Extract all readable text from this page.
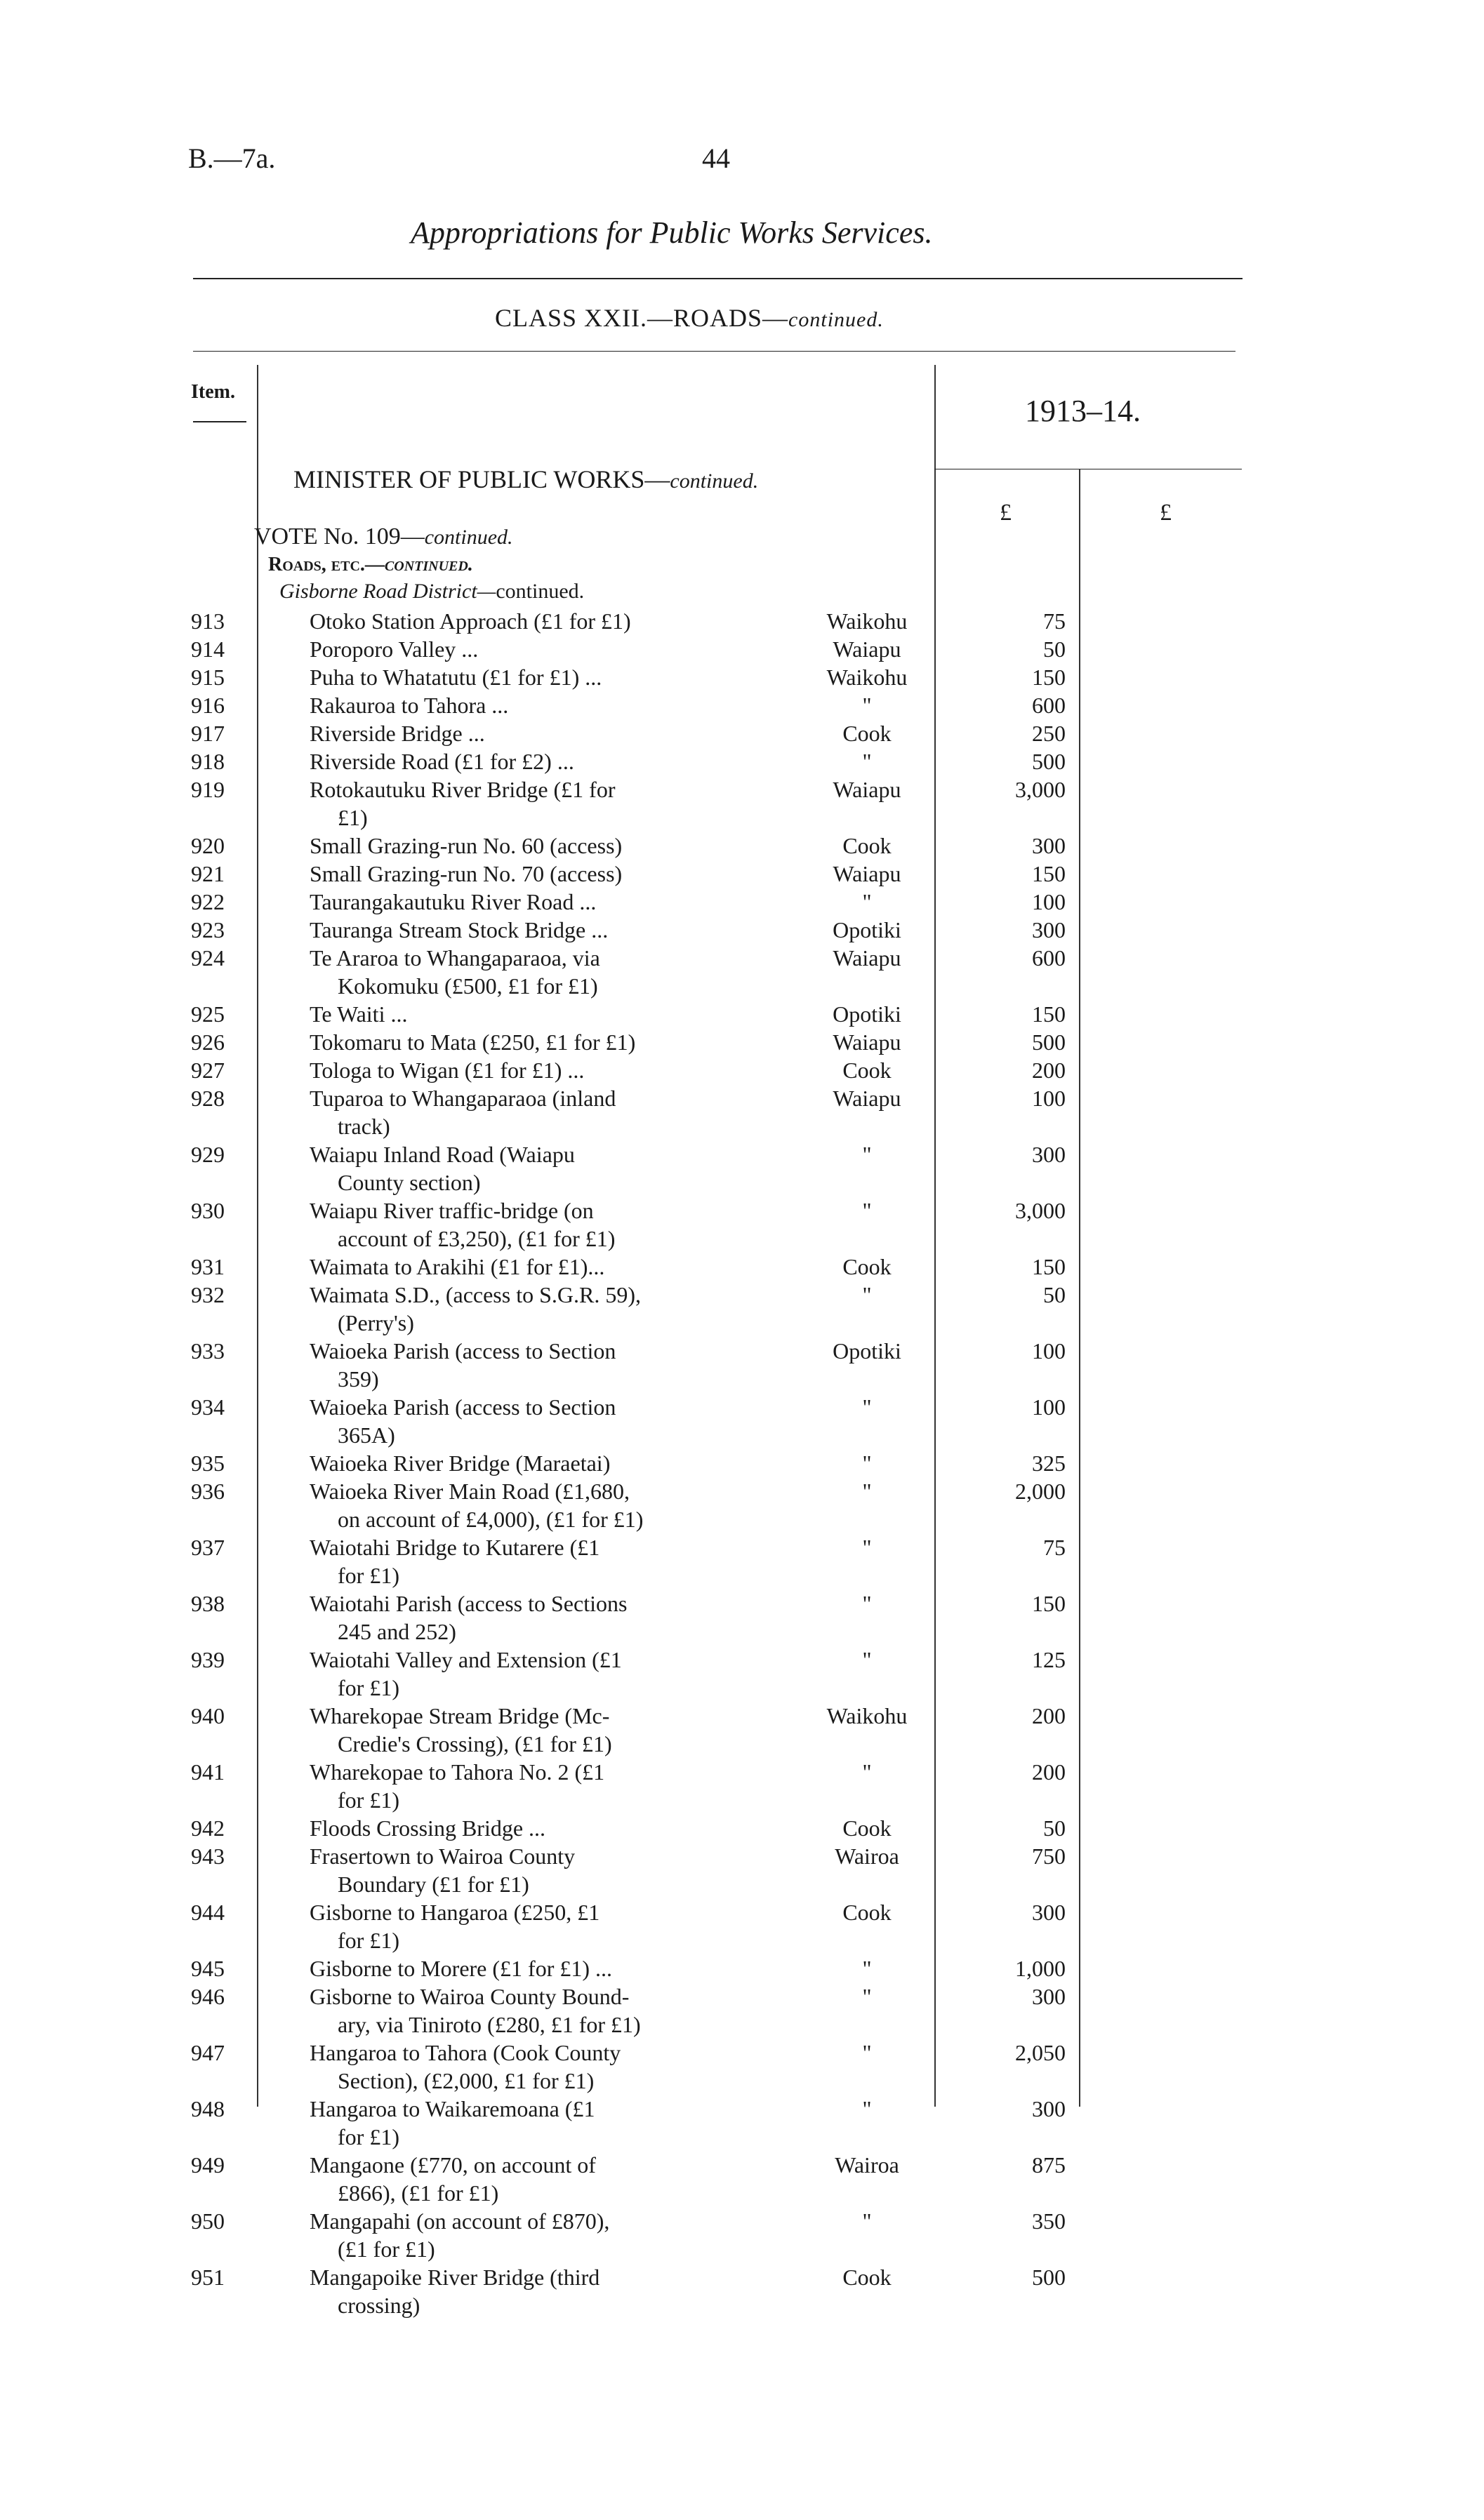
B.—7a.	44
Appropriations for Public Works Services.
CLASS XXII.—ROADS—continued.
Item.
1913–14.
£	£
MINISTER OF PUBLIC WORKS—continued.
VOTE No. 109—continued.
Roads, etc.—continued.
Gisborne Road District—continued.
913	Otoko Station Approach (£1 for £1)	Waikohu	75
914	Poroporo Valley ...	Waiapu	50
915	Puha to Whatatutu (£1 for £1) ...	Waikohu	150
916	Rakauroa to Tahora ...	"	600
917	Riverside Bridge ...	Cook	250
918	Riverside Road (£1 for £2) ...	"	500
919	Rotokautuku River Bridge (£1 for
£1)
Waiapu	3,000
920	Small Grazing-run No. 60 (access)	Cook	300
921	Small Grazing-run No. 70 (access)	Waiapu	150
922	Taurangakautuku River Road ...	"	100
923	Tauranga Stream Stock Bridge ...	Opotiki	300
924	Te Araroa to Whangaparaoa, via
Kokomuku (£500, £1 for £1)
Waiapu	600
925	Te Waiti ...	Opotiki	150
926	Tokomaru to Mata (£250, £1 for £1)	Waiapu	500
927	Tologa to Wigan (£1 for £1) ...	Cook	200
928	Tuparoa to Whangaparaoa (inland
track)
Waiapu	100
929	Waiapu Inland Road (Waiapu
County section)
"	300
930	Waiapu River traffic-bridge (on
account of £3,250), (£1 for £1)
"	3,000
931	Waimata to Arakihi (£1 for £1)...	Cook	150
932	Waimata S.D., (access to S.G.R. 59),
(Perry's)
"	50
933	Waioeka Parish (access to Section
359)
Opotiki	100
934	Waioeka Parish (access to Section
365A)
"	100
935	Waioeka River Bridge (Maraetai)	"	325
936	Waioeka River Main Road (£1,680,
on account of £4,000), (£1 for £1)
"	2,000
937	Waiotahi Bridge to Kutarere (£1
for £1)
"	75
938	Waiotahi Parish (access to Sections
245 and 252)
"	150
939	Waiotahi Valley and Extension (£1
for £1)
"	125
940	Wharekopae Stream Bridge (Mc-
Credie's Crossing), (£1 for £1)
Waikohu	200
941	Wharekopae to Tahora No. 2 (£1
for £1)
"	200
942	Floods Crossing Bridge ...	Cook	50
943	Frasertown to Wairoa County
Boundary (£1 for £1)
Wairoa	750
944	Gisborne to Hangaroa (£250, £1
for £1)
Cook	300
945	Gisborne to Morere (£1 for £1) ...	"	1,000
946	Gisborne to Wairoa County Bound-
ary, via Tiniroto (£280, £1 for £1)
"	300
947	Hangaroa to Tahora (Cook County
Section), (£2,000, £1 for £1)
"	2,050
948	Hangaroa to Waikaremoana (£1
for £1)
"	300
949	Mangaone (£770, on account of
£866), (£1 for £1)
Wairoa	875
950	Mangapahi (on account of £870),
(£1 for £1)
"	350
951	Mangapoike River Bridge (third
crossing)
Cook	500
